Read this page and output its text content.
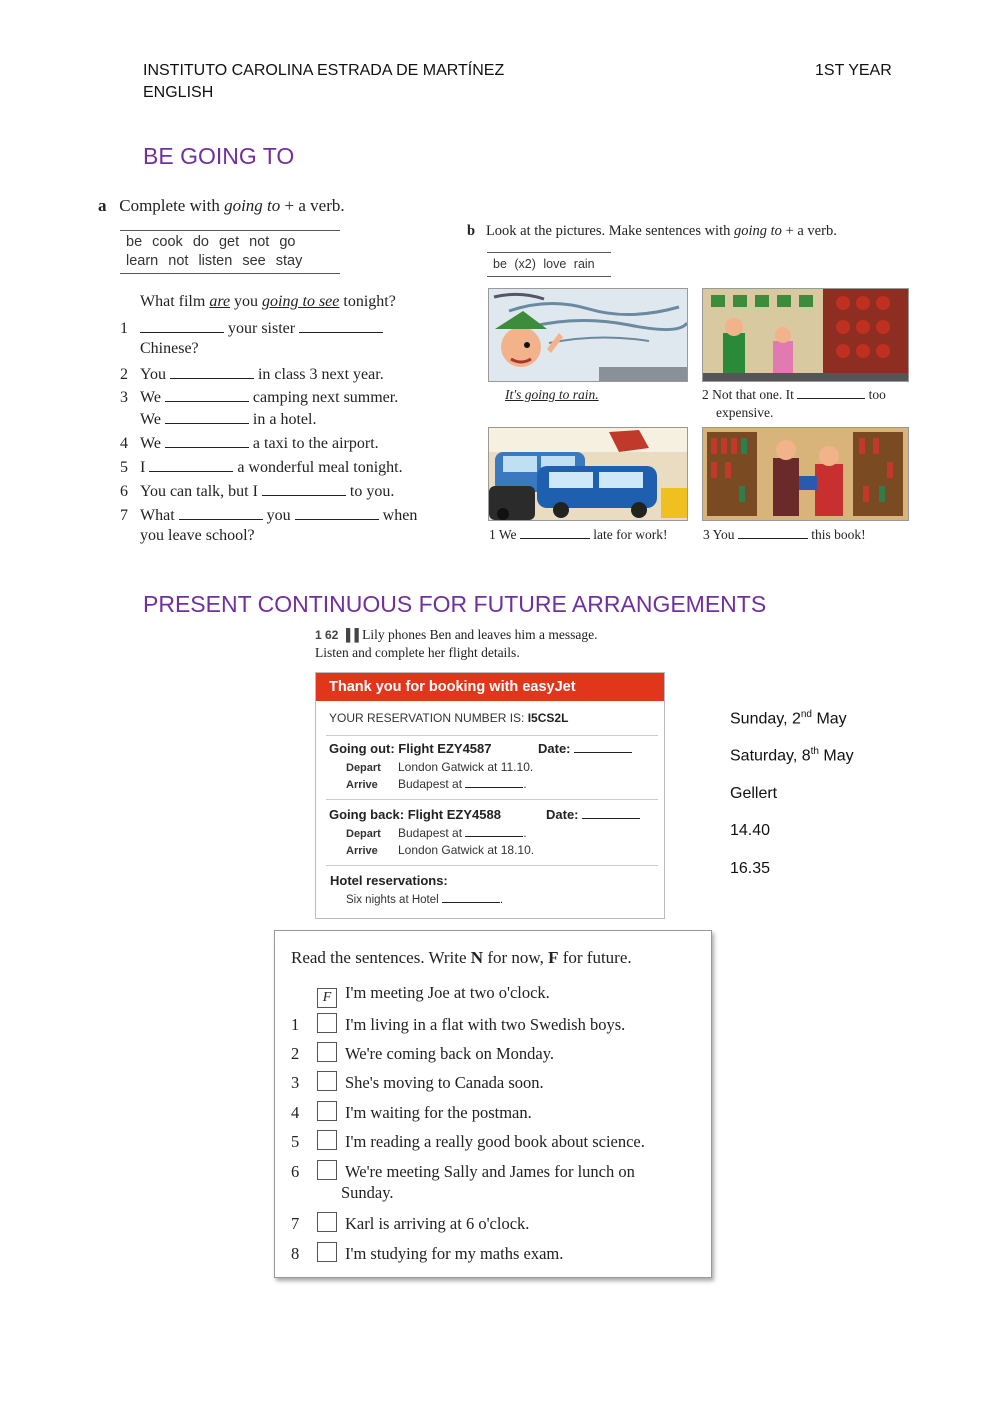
INSTITUTO CAROLINA ESTRADA DE MARTÍNEZ
ENGLISH
1ST YEAR
BE GOING TO
a Complete with going to + a verb.
be cook do get not go
learn not listen see stay
What film are you going to see tonight?
1	your sister
Chinese?
2 You	in class 3 next year.
3 We	camping next summer.
We	in a hotel.
4 We	a taxi to the airport.
5 I	a wonderful meal tonight.
6 You can talk, but I	to you.
7 What	you	when
you leave school?
b Look at the pictures. Make sentences with going to + a verb.
be (x2) love rain
It's going to rain.	2 Not that one. It	too
expensive.
1 We	late for work!	3 You	this book!
PRESENT CONTINUOUS FOR FUTURE ARRANGEMENTS
1 62 ▐▐ Lily phones Ben and leaves him a message.
Listen and complete her flight details.
Thank you for booking with easyJet
YOUR RESERVATION NUMBER IS: I5CS2L
Going out: Flight EZY4587	Date:
Depart London Gatwick at 11.10.
Arrive Budapest at	.
Going back: Flight EZY4588	Date:
Depart Budapest at	.
Arrive London Gatwick at 18.10.
Hotel reservations:
Six nights at Hotel	.
Sunday, 2nd May
Saturday, 8th May
Gellert
14.40
16.35
Read the sentences. Write N for now, F for future.
F I'm meeting Joe at two o'clock.
1	I'm living in a flat with two Swedish boys.
2	We're coming back on Monday.
3	She's moving to Canada soon.
4	I'm waiting for the postman.
5	I'm reading a really good book about science.
6	We're meeting Sally and James for lunch on
Sunday.
7	Karl is arriving at 6 o'clock.
8	I'm studying for my maths exam.
